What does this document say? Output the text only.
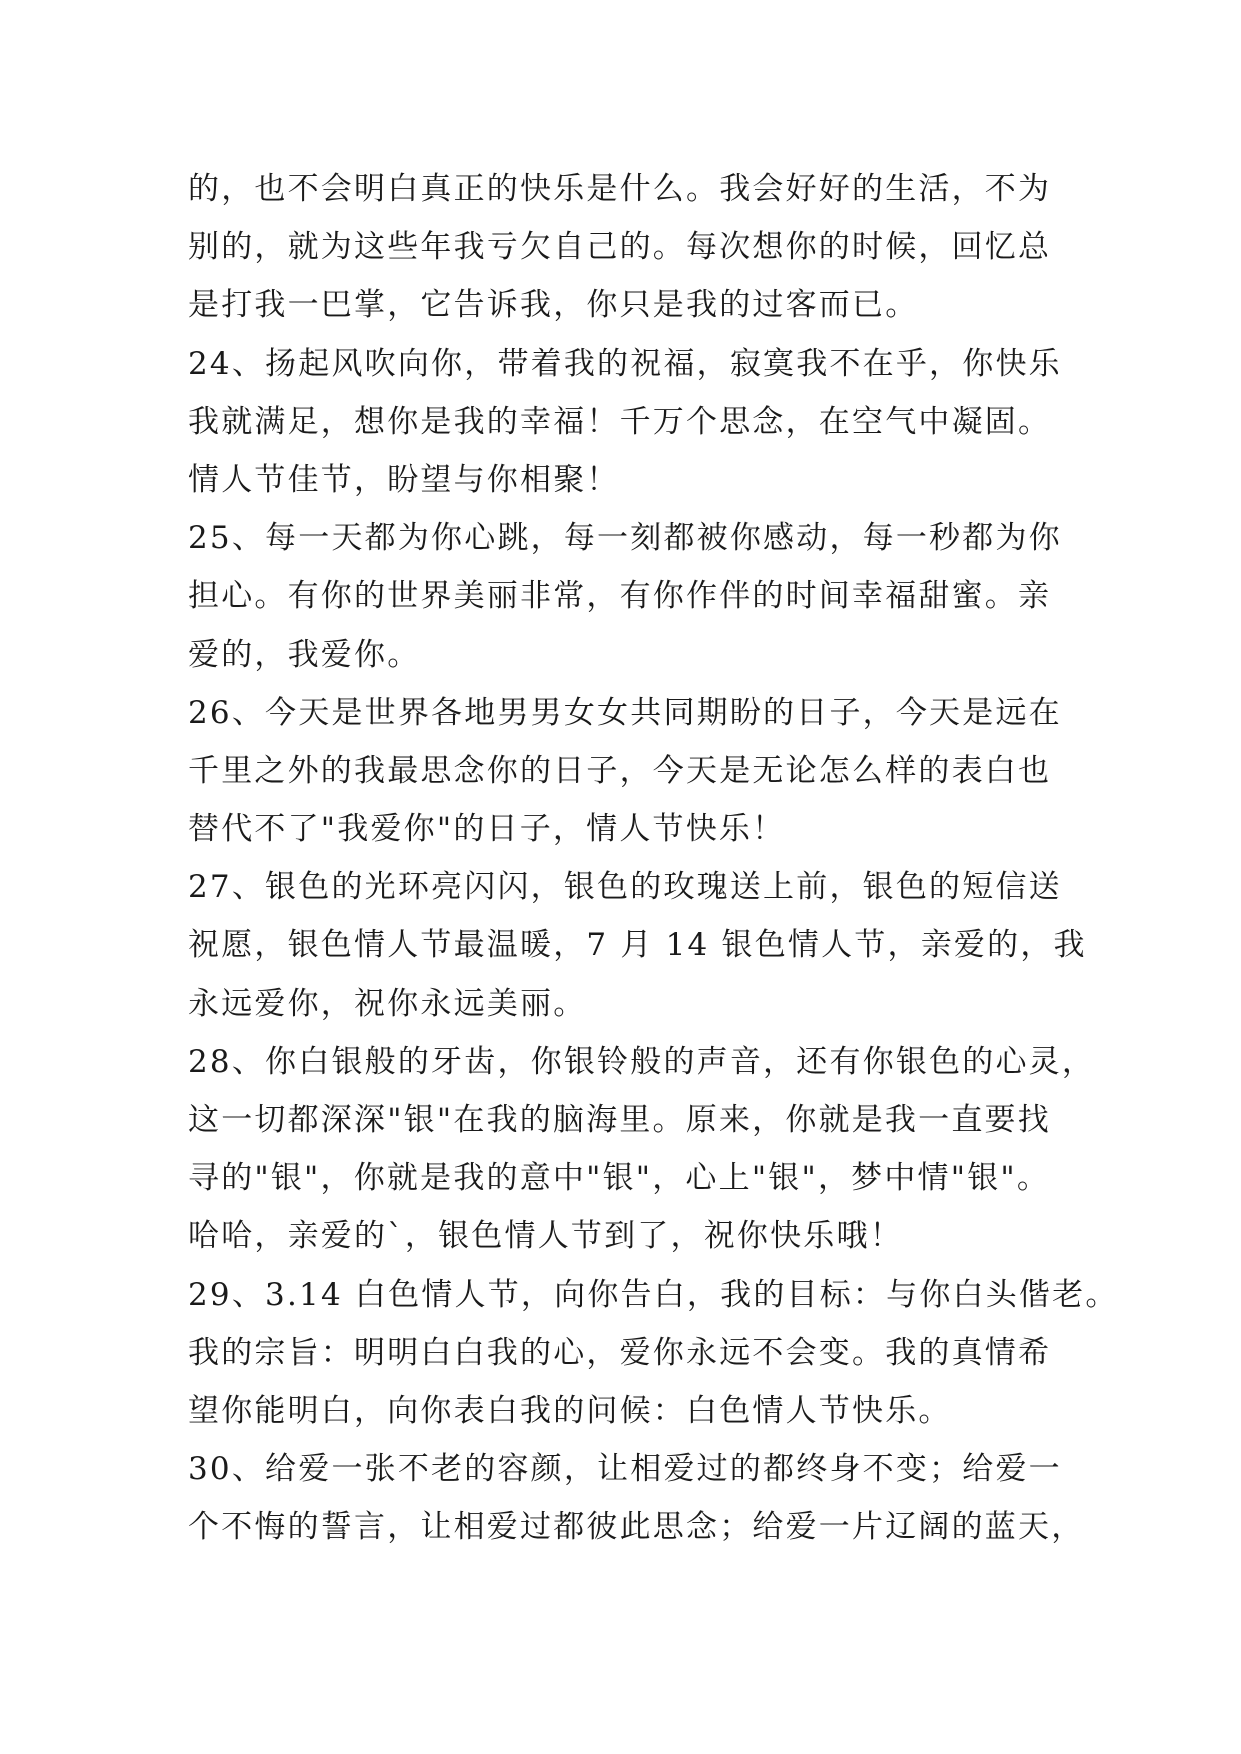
的，也不会明白真正的快乐是什么。我会好好的生活，不为
别的，就为这些年我亏欠自己的。每次想你的时候，回忆总
是打我一巴掌，它告诉我，你只是我的过客而已。
24、扬起风吹向你，带着我的祝福，寂寞我不在乎，你快乐
我就满足，想你是我的幸福！千万个思念，在空气中凝固。
情人节佳节，盼望与你相聚！
25、每一天都为你心跳，每一刻都被你感动，每一秒都为你
担心。有你的世界美丽非常，有你作伴的时间幸福甜蜜。亲
爱的，我爱你。
26、今天是世界各地男男女女共同期盼的日子，今天是远在
千里之外的我最思念你的日子，今天是无论怎么样的表白也
替代不了"我爱你"的日子，情人节快乐！
27、银色的光环亮闪闪，银色的玫瑰送上前，银色的短信送
祝愿，银色情人节最温暖，7 月 14 银色情人节，亲爱的，我
永远爱你，祝你永远美丽。
28、你白银般的牙齿，你银铃般的声音，还有你银色的心灵，
这一切都深深"银"在我的脑海里。原来，你就是我一直要找
寻的"银"，你就是我的意中"银"，心上"银"，梦中情"银"。
哈哈，亲爱的`，银色情人节到了，祝你快乐哦！
29、3.14 白色情人节，向你告白，我的目标：与你白头偕老。
我的宗旨：明明白白我的心，爱你永远不会变。我的真情希
望你能明白，向你表白我的问候：白色情人节快乐。
30、给爱一张不老的容颜，让相爱过的都终身不变；给爱一
个不悔的誓言，让相爱过都彼此思念；给爱一片辽阔的蓝天，
